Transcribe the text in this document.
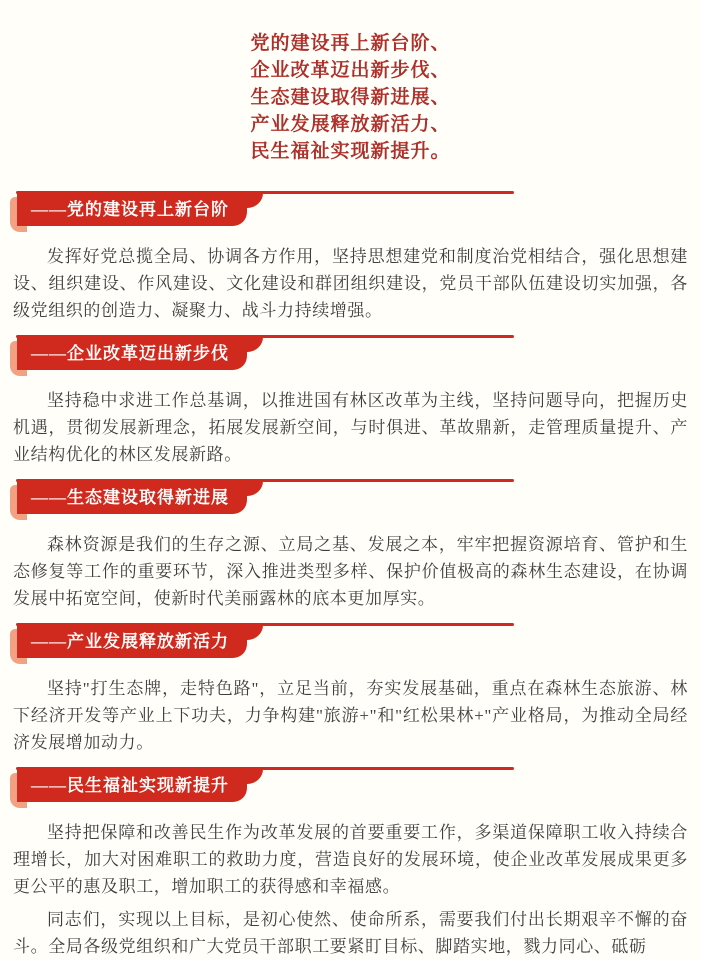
党的建设再上新台阶、
企业改革迈出新步伐、
生态建设取得新进展、
产业发展释放新活力、
民生福祉实现新提升。
——党的建设再上新台阶

发挥好党总揽全局、协调各方作用，坚持思想建党和制度治党相结合，强化思想建设、组织建设、作风建设、文化建设和群团组织建设，党员干部队伍建设切实加强，各级党组织的创造力、凝聚力、战斗力持续增强。

——企业改革迈出新步伐

坚持稳中求进工作总基调，以推进国有林区改革为主线，坚持问题导向，把握历史机遇，贯彻发展新理念，拓展发展新空间，与时俱进、革故鼎新，走管理质量提升、产业结构优化的林区发展新路。

——生态建设取得新进展

森林资源是我们的生存之源、立局之基、发展之本，牢牢把握资源培育、管护和生态修复等工作的重要环节，深入推进类型多样、保护价值极高的森林生态建设，在协调发展中拓宽空间，使新时代美丽露林的底本更加厚实。

——产业发展释放新活力

坚持"打生态牌，走特色路"，立足当前，夯实发展基础，重点在森林生态旅游、林下经济开发等产业上下功夫，力争构建"旅游+"和"红松果林+"产业格局，为推动全局经济发展增加动力。

——民生福祉实现新提升

坚持把保障和改善民生作为改革发展的首要重要工作，多渠道保障职工收入持续合理增长，加大对困难职工的救助力度，营造良好的发展环境，使企业改革发展成果更多更公平的惠及职工，增加职工的获得感和幸福感。

同志们，实现以上目标，是初心使然、使命所系，需要我们付出长期艰辛不懈的奋斗。全局各级党组织和广大党员干部职工要紧盯目标、脚踏实地，戮力同心、砥砺
